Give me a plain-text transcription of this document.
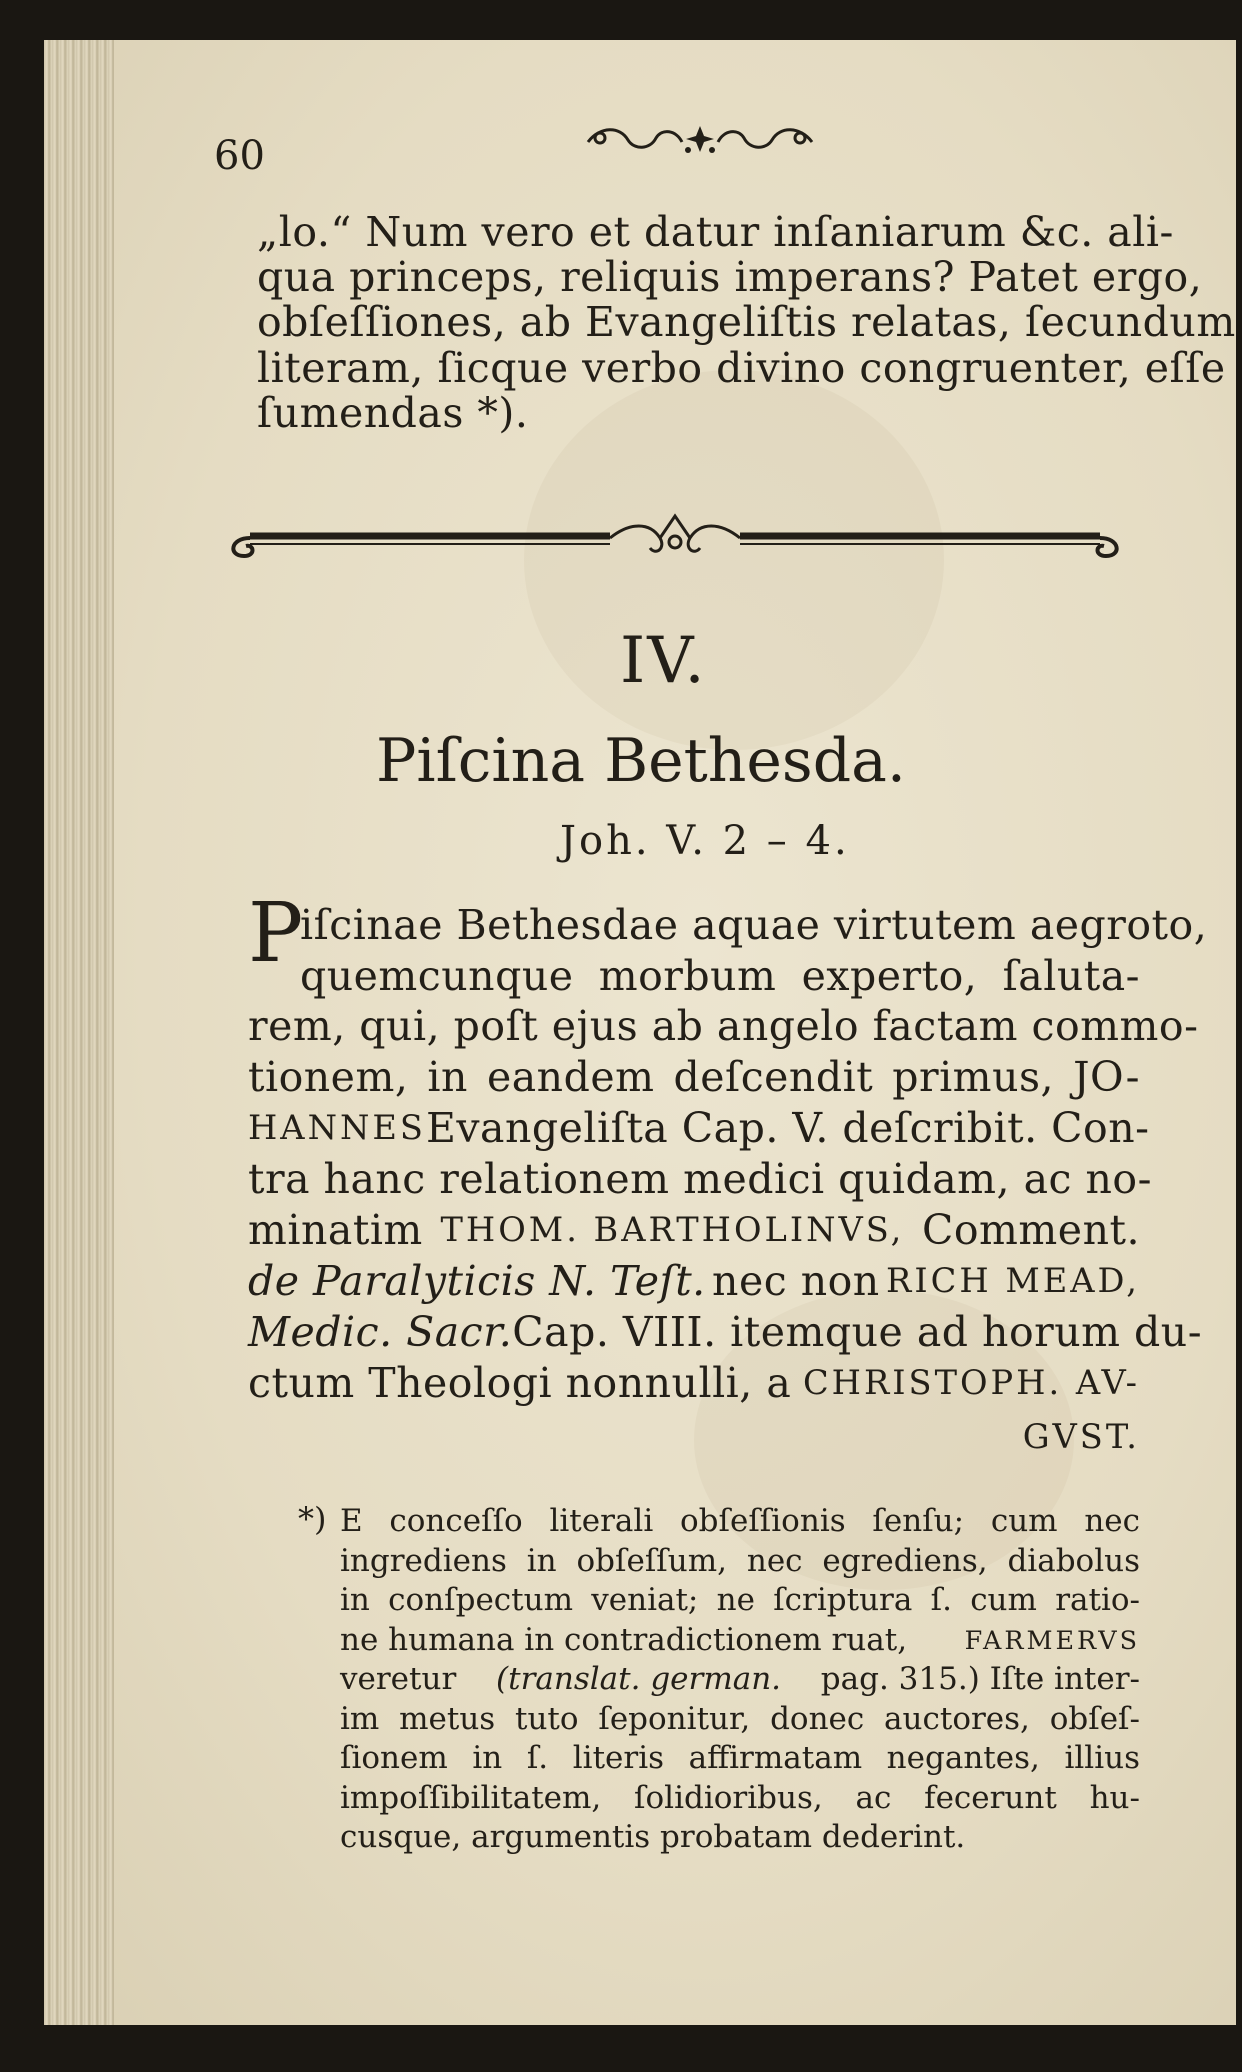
60
„lo.“ Num vero et datur inſaniarum &c. ali-
qua princeps, reliquis imperans? Patet ergo,
obſeſſiones, ab Evangeliſtis relatas, ſecundum
literam, ſicque verbo divino congruenter, eſſe
ſumendas *).
IV.
Piſcina Bethesda.
Joh. V. 2 – 4.
P
iſcinae Bethesdae aquae virtutem aegroto,
quemcunque morbum experto, ſaluta-
rem, qui, poſt ejus ab angelo factam commo-
tionem, in eandem deſcendit primus, JO-
HANNES Evangeliſta Cap. V. deſcribit. Con-
tra hanc relationem medici quidam, ac no-
minatim THOM. BARTHOLINVS, Comment.
de Paralyticis N. Teſt. nec non RICH MEAD,
Medic. Sacr. Cap. VIII. itemque ad horum du-
ctum Theologi nonnulli, a CHRISTOPH. AV-
GVST.
*) E conceſſo literali obſeſſionis ſenſu; cum nec
ingrediens in obſeſſum, nec egrediens, diabolus
in conſpectum veniat; ne ſcriptura ſ. cum ratio-
ne humana in contradictionem ruat, FARMERVS
veretur (translat. german. pag. 315.) Iſte inter-
im metus tuto ſeponitur, donec auctores, obſeſ-
ſionem in ſ. literis affirmatam negantes, illius
impoſſibilitatem, ſolidioribus, ac fecerunt hu-
cusque, argumentis probatam dederint.
